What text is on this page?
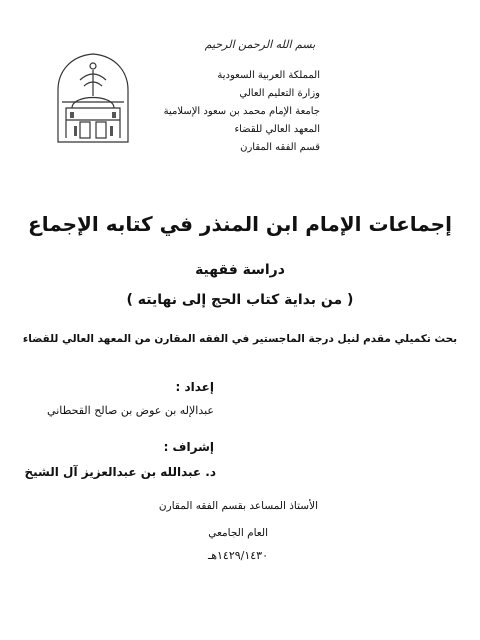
بسم الله الرحمن الرحيم
المملكة العربية السعودية
وزارة التعليم العالي
جامعة الإمام محمد بن سعود الإسلامية
المعهد العالي للقضاء
قسم الفقه المقارن
إجماعات الإمام ابن المنذر في كتابه الإجماع
دراسة فقهية
( من بداية كتاب الحج إلى نهايته )
بحث تكميلي مقدم لنيل درجة الماجستير في الفقه المقارن من المعهد العالي للقضاء
إعداد :
عبدالإله بن عوض بن صالح القحطاني
إشراف :
د. عبدالله بن عبدالعزيز آل الشيخ
الأستاذ المساعد بقسم الفقه المقارن
العام الجامعي
١٤٢٩/١٤٣٠هـ
